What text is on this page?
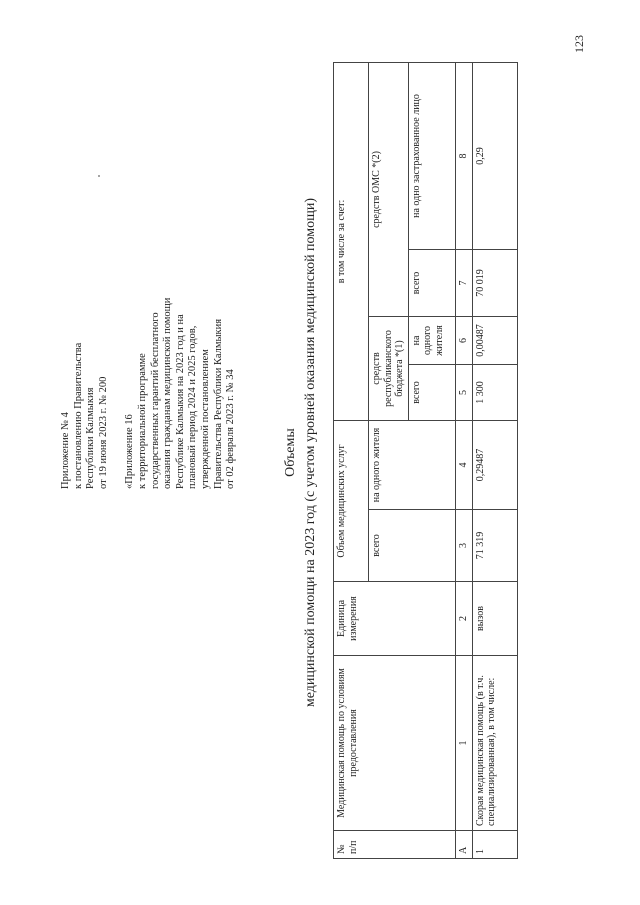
123
Приложение № 4 к постановлению Правительства Республики Калмыкия от 19 июня 2023 г. № 200 «Приложение 16 к территориальной программе государственных гарантий бесплатного оказания гражданам медицинской помощи Республике Калмыкия на 2023 год и на плановый период 2024 и 2025 годов, утвержденной постановлением Правительства Республики Калмыкия от 02 февраля 2023 г. № 34	Объемы медицинской помощи на 2023 год (с учетом уровней оказания медицинской помощи)
№ п/п	Медицинская помощь по условиям предоставления	Единица измерения	Объем медицинских услуг		в том числе за счет:			
			всего	на одного жителя	средств республиканского бюджета *(1)		средств ОМС *(2)	
					всего	на одного жителя	всего	на одно застрахованное лицо
А	1	2	3	4	5	6	7	8
1	Скорая медицинская помощь (в т.ч. специализированная), в том числе:	вызов	71 319	0,29487	1 300	0,00487	70 019	0,29
